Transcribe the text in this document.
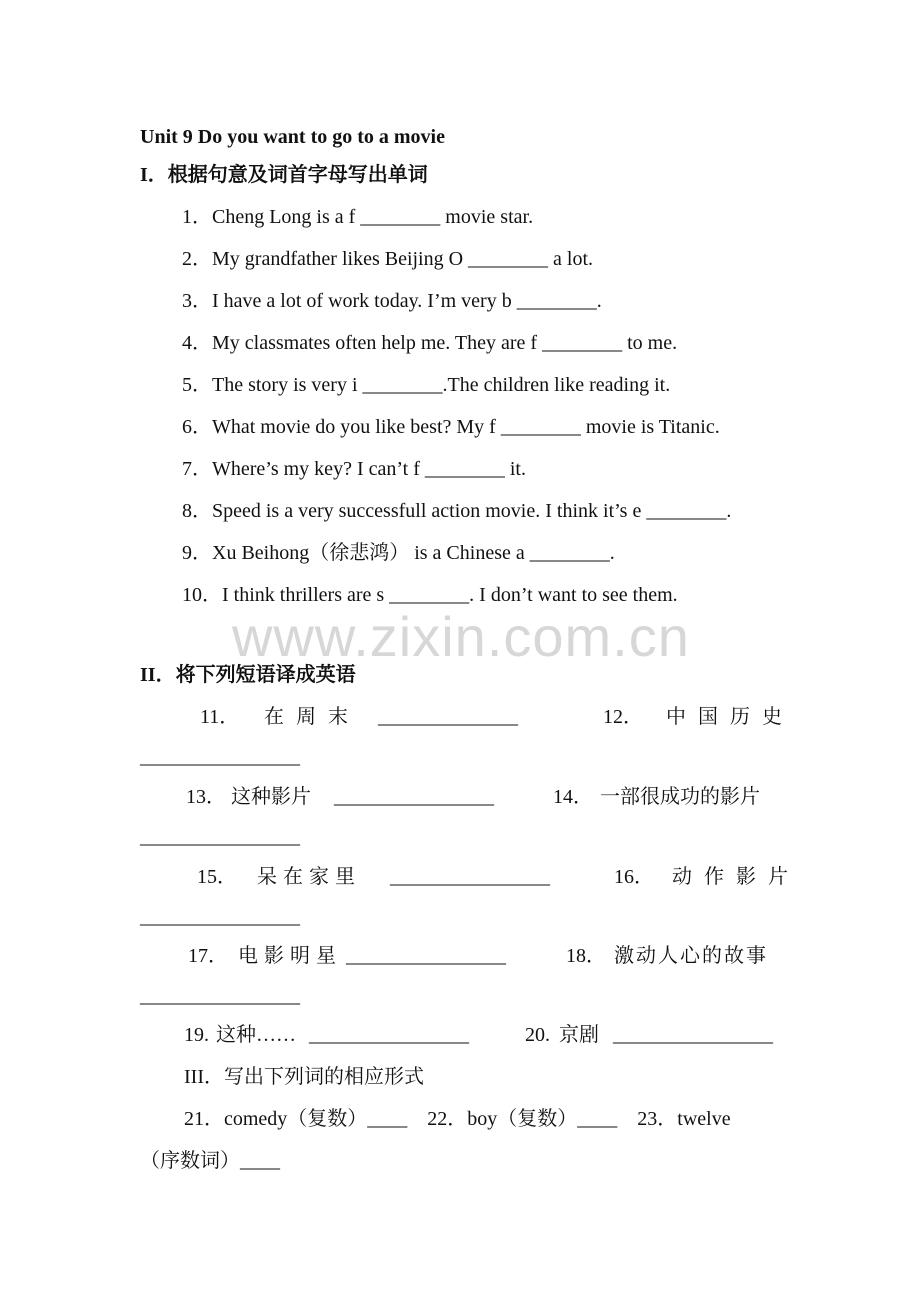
Unit 9 Do you want to go to a movie
I．根据句意及词首字母写出单词
1．Cheng Long is a f ________ movie star.
2．My grandfather likes Beijing O ________ a lot.
3．I have a lot of work today. I’m very b ________.
4．My classmates often help me. They are f ________ to me.
5．The story is very i ________.The children like reading it.
6．What movie do you like best? My f ________ movie is Titanic.
7．Where’s my key? I can’t f ________ it.
8．Speed is a very successfull action movie. I think it’s e ________.
9．Xu Beihong（徐悲鸿） is a Chinese a ________.
10．I think thrillers are s ________. I don’t want to see them.
www.zixin.com.cn
II．将下列短语译成英语
11． 在周末 ______________	12． 中国历史
________________
13． 这种影片 ________________	14． 一部很成功的影片
________________
15． 呆在家里 ________________	16． 动作影片
________________
17． 电影明星 ________________	18． 激动人心的故事
________________
19. 这种…… ________________	20. 京剧 ________________
III．写出下列词的相应形式
21．comedy（复数）____    22．boy（复数）____    23．twelve
（序数词）____
